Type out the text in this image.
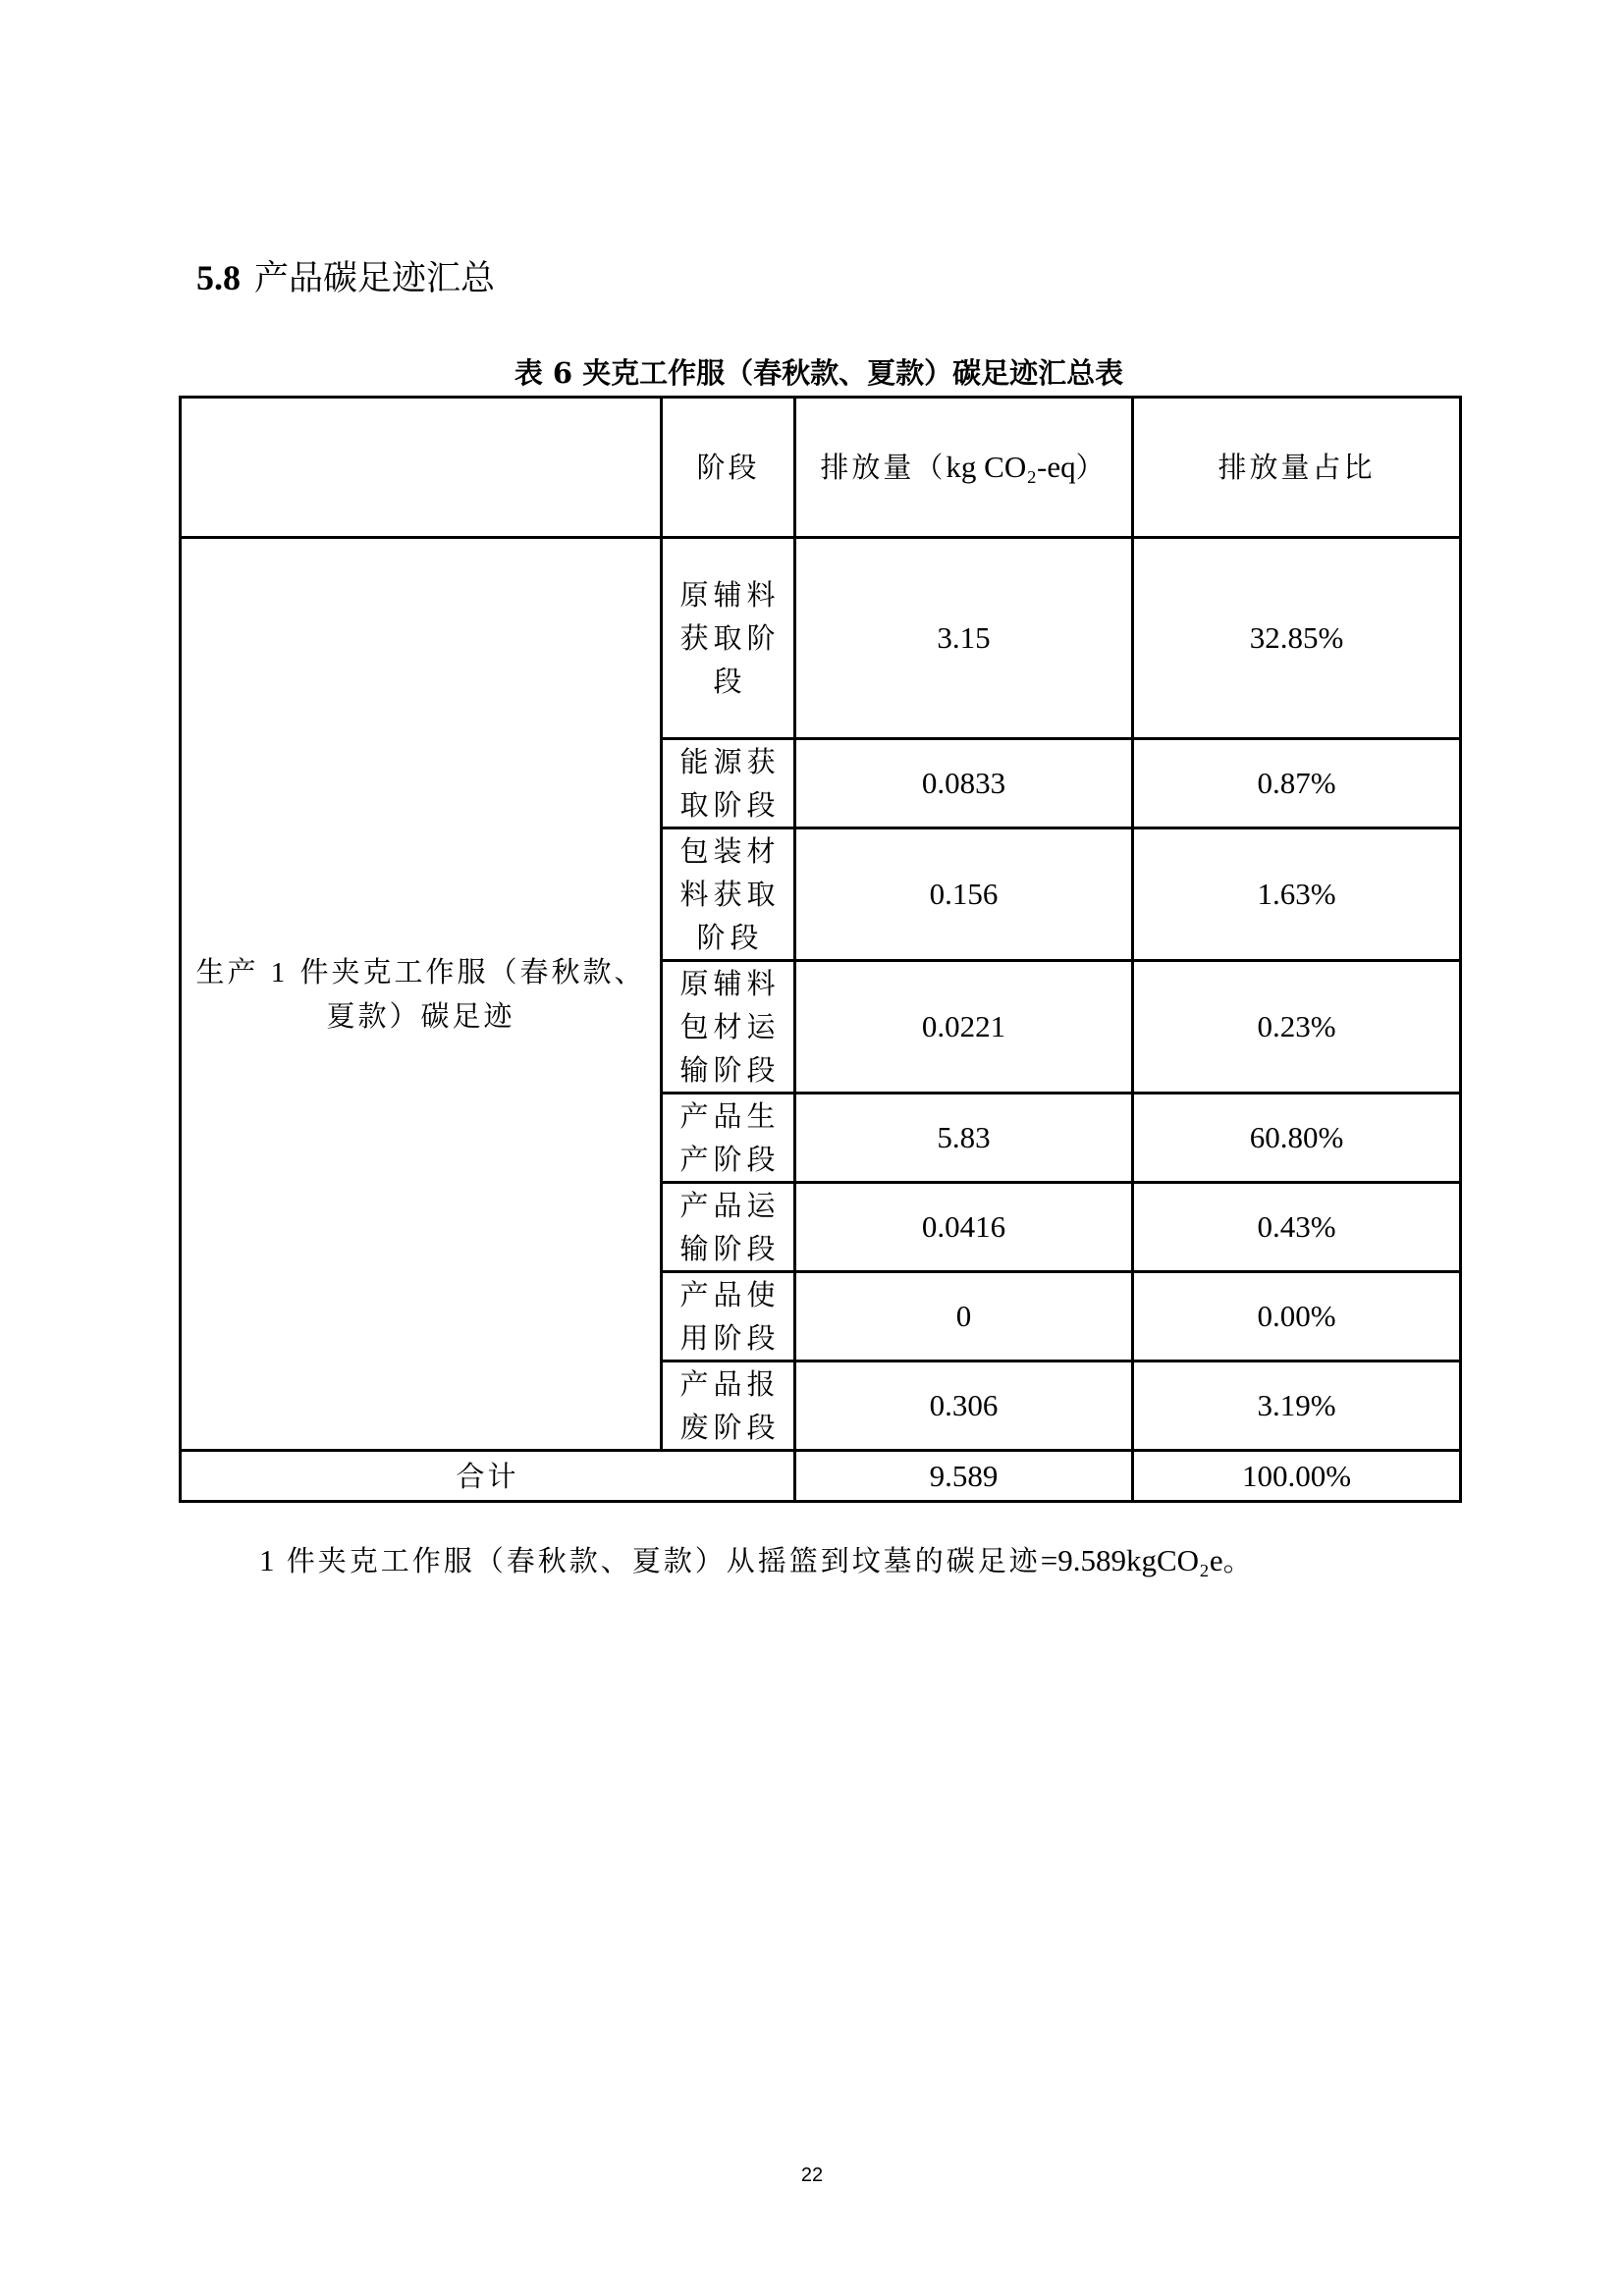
5.8 产品碳足迹汇总
表 6 夹克工作服（春秋款、夏款）碳足迹汇总表
	阶段	排放量（kg CO₂-eq）	排放量占比
生产 1 件夹克工作服（春秋款、夏款）碳足迹	原辅料获取阶段	3.15	32.85%
	能源获取阶段	0.0833	0.87%
	包装材料获取阶段	0.156	1.63%
	原辅料包材运输阶段	0.0221	0.23%
	产品生产阶段	5.83	60.80%
	产品运输阶段	0.0416	0.43%
	产品使用阶段	0	0.00%
	产品报废阶段	0.306	3.19%
合计		9.589	100.00%
1 件夹克工作服（春秋款、夏款）从摇篮到坟墓的碳足迹=9.589kgCO₂e。
22
